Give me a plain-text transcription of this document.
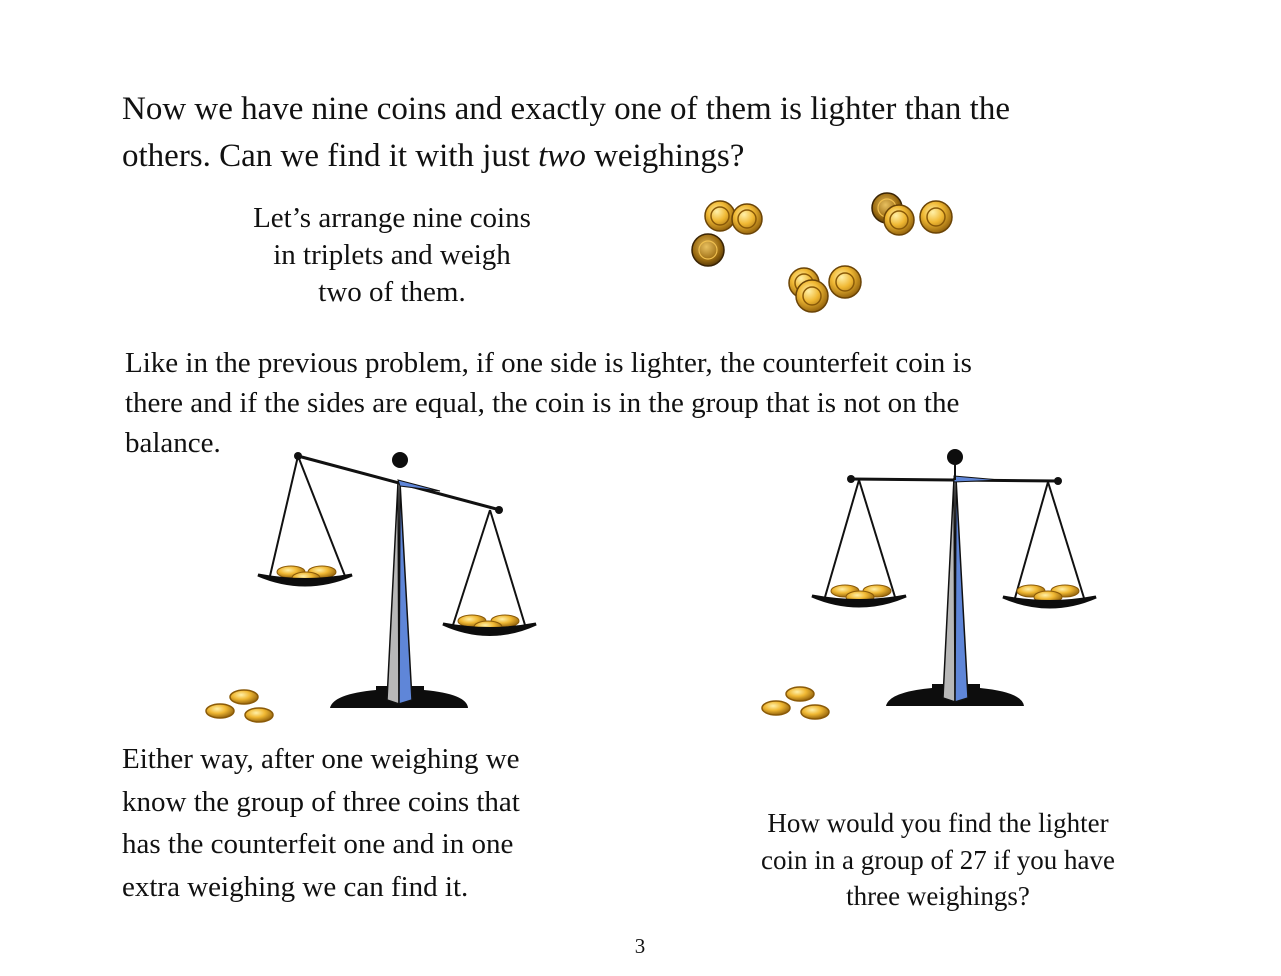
Now we have nine coins and exactly one of them is lighter than the
others. Can we find it with just two weighings?

Let’s arrange nine coins
in triplets and weigh
two of them.

Like in the previous problem, if one side is lighter, the counterfeit coin is
there and if the sides are equal, the coin is in the group that is not on the
balance.

Either way, after one weighing we
know the group of three coins that
has the counterfeit one and in one
extra weighing we can find it.

How would you find the lighter
coin in a group of 27 if you have
three weighings?

3
